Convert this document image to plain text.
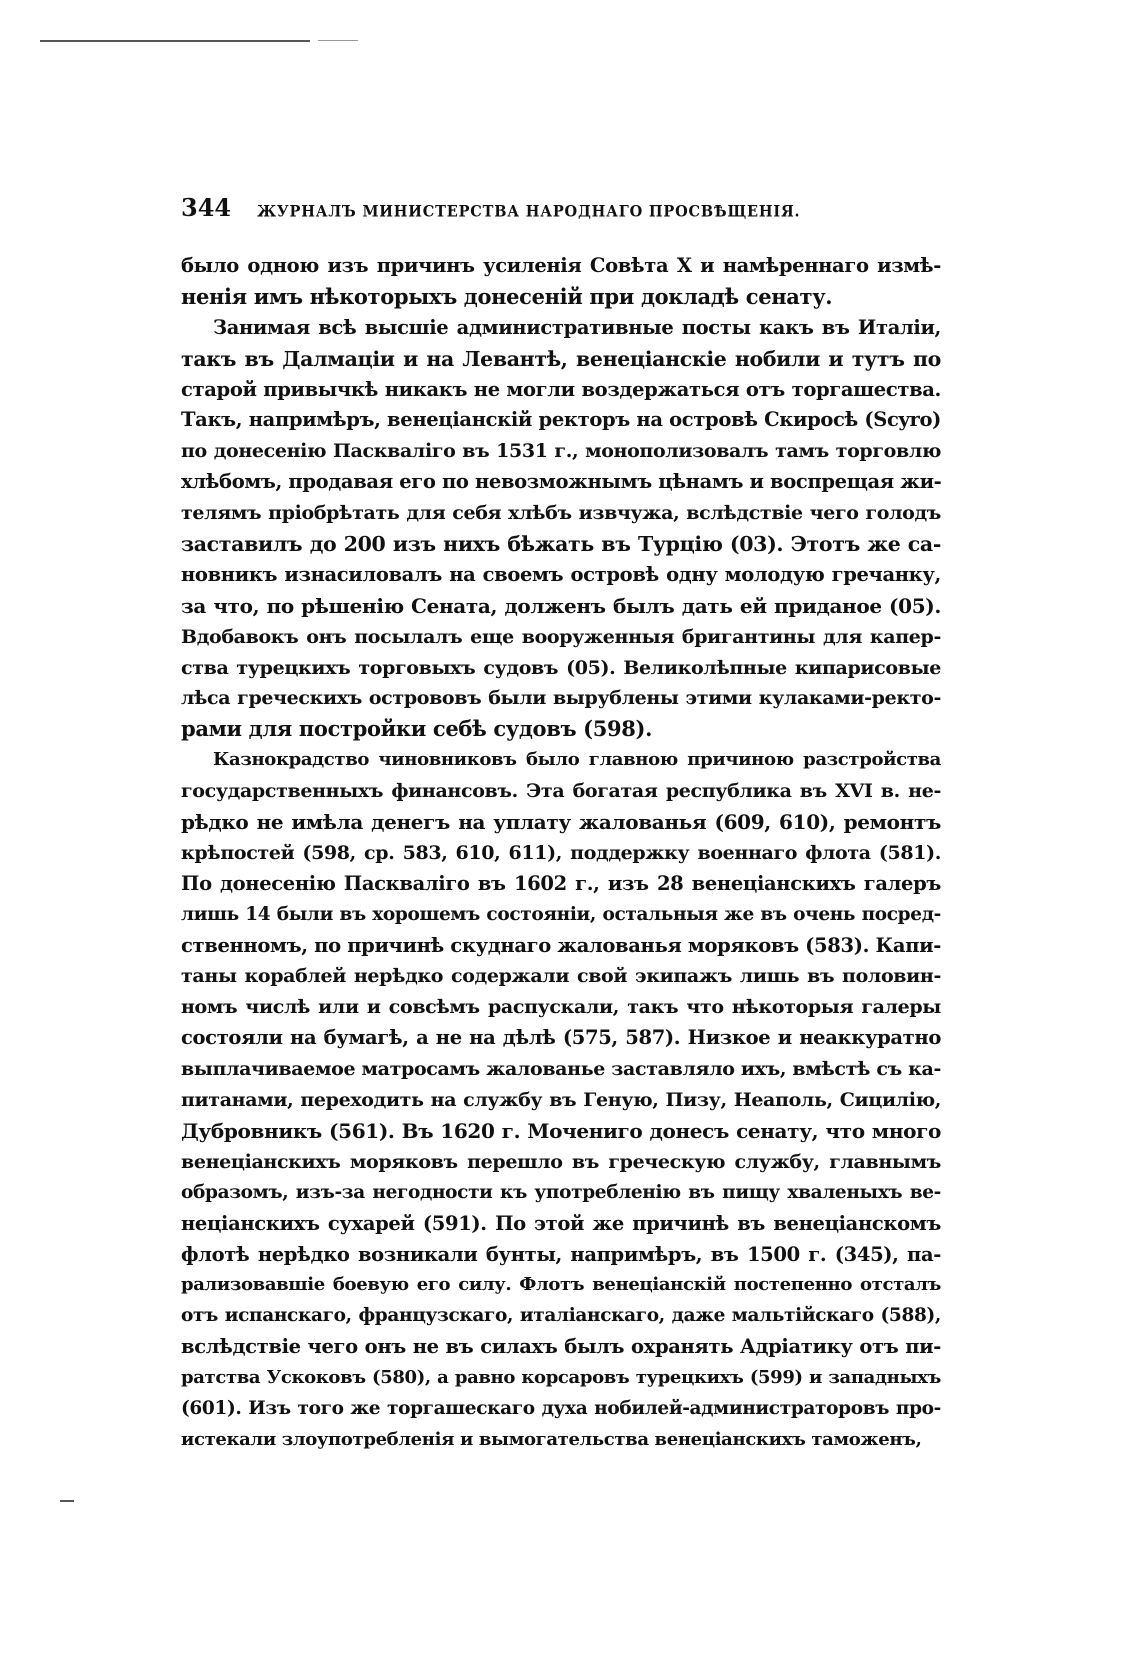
344 ЖУРНАЛЪ МИНИСТЕРСТВА НАРОДНАГО ПРОСВѢЩЕНІЯ.
было одною изъ причинъ усиленія Совѣта X и намѣреннаго измѣ-
ненія имъ нѣкоторыхъ донесеній при докладѣ сенату.
Занимая всѣ высшіе административные посты какъ въ Италіи,
такъ въ Далмаціи и на Левантѣ, венеціанскіе нобили и тутъ по
старой привычкѣ никакъ не могли воздержаться отъ торгашества.
Такъ, напримѣръ, венеціанскій ректоръ на островѣ Скиросѣ (Scyro)
по донесенію Паскваліго въ 1531 г., монополизовалъ тамъ торговлю
хлѣбомъ, продавая его по невозможнымъ цѣнамъ и воспрещая жи-
телямъ пріобрѣтать для себя хлѣбъ извчужа, вслѣдствіе чего голодъ
заставилъ до 200 изъ нихъ бѣжать въ Турцію (03). Этотъ же са-
новникъ изнасиловалъ на своемъ островѣ одну молодую гречанку,
за что, по рѣшенію Сената, долженъ былъ дать ей приданое (05).
Вдобавокъ онъ посылалъ еще вооруженныя бригантины для капер-
ства турецкихъ торговыхъ судовъ (05). Великолѣпные кипарисовые
лѣса греческихъ острововъ были вырублены этими кулаками-ректо-
рами для постройки себѣ судовъ (598).
Казнокрадство чиновниковъ было главною причиною разстройства
государственныхъ финансовъ. Эта богатая республика въ XVI в. не-
рѣдко не имѣла денегъ на уплату жалованья (609, 610), ремонтъ
крѣпостей (598, ср. 583, 610, 611), поддержку военнаго флота (581).
По донесенію Паскваліго въ 1602 г., изъ 28 венеціанскихъ галеръ
лишь 14 были въ хорошемъ состояніи, остальныя же въ очень посред-
ственномъ, по причинѣ скуднаго жалованья моряковъ (583). Капи-
таны кораблей нерѣдко содержали свой экипажъ лишь въ половин-
номъ числѣ или и совсѣмъ распускали, такъ что нѣкоторыя галеры
состояли на бумагѣ, а не на дѣлѣ (575, 587). Низкое и неаккуратно
выплачиваемое матросамъ жалованье заставляло ихъ, вмѣстѣ съ ка-
питанами, переходить на службу въ Геную, Пизу, Неаполь, Сицилію,
Дубровникъ (561). Въ 1620 г. Мочениго донесъ сенату, что много
венеціанскихъ моряковъ перешло въ греческую службу, главнымъ
образомъ, изъ-за негодности къ употребленію въ пищу хваленыхъ ве-
неціанскихъ сухарей (591). По этой же причинѣ въ венеціанскомъ
флотѣ нерѣдко возникали бунты, напримѣръ, въ 1500 г. (345), па-
рализовавшіе боевую его силу. Флотъ венеціанскій постепенно отсталъ
отъ испанскаго, французскаго, италіанскаго, даже мальтійскаго (588),
вслѣдствіе чего онъ не въ силахъ былъ охранять Адріатику отъ пи-
ратства Ускоковъ (580), а равно корсаровъ турецкихъ (599) и западныхъ
(601). Изъ того же торгашескаго духа нобилей-администраторовъ про-
истекали злоупотребленія и вымогательства венеціанскихъ таможенъ,
